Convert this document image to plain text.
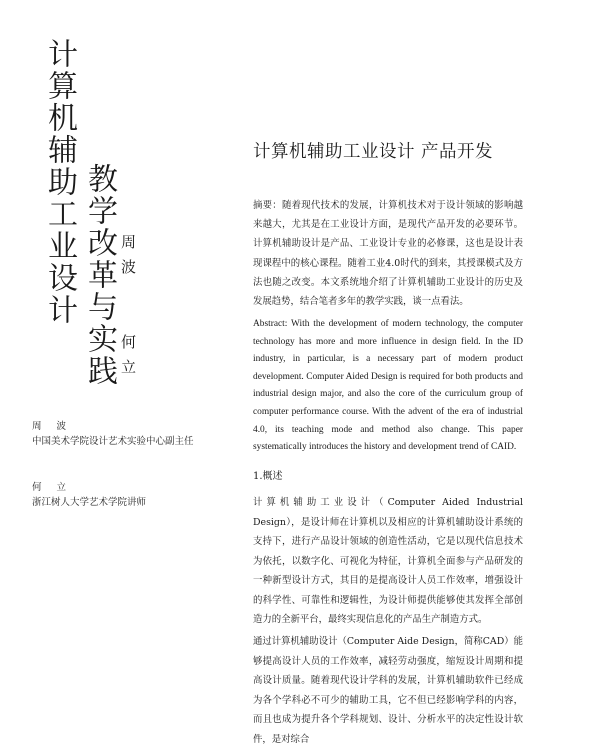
计算机辅助工业设计 教学改革与实践 周波
何立
周 波
中国美术学院设计艺术实验中心副主任
何 立
浙江树人大学艺术学院讲师
计算机辅助工业设计 产品开发

摘要：随着现代技术的发展，计算机技术对于设计领域的影响越来越大，尤其是在工业设计方面，是现代产品开发的必要环节。计算机辅助设计是产品、工业设计专业的必修课，这也是设计表现课程中的核心课程。随着工业4.0时代的到来，其授课模式及方法也随之改变。本文系统地介绍了计算机辅助工业设计的历史及发展趋势，结合笔者多年的教学实践，谈一点看法。

Abstract: With the development of modern technology, the computer technology has more and more influence in design field. In the ID industry, in particular, is a necessary part of modern product development. Computer Aided Design is required for both products and industrial design major, and also the core of the curriculum group of computer performance course. With the advent of the era of industrial 4.0, its teaching mode and method also change. This paper systematically introduces the history and development trend of CAID.

1.概述

计算机辅助工业设计（Computer Aided Industrial Design），是设计师在计算机以及相应的计算机辅助设计系统的支持下，进行产品设计领域的创造性活动，它是以现代信息技术为依托，以数字化、可视化为特征，计算机全面参与产品研发的一种新型设计方式，其目的是提高设计人员工作效率，增强设计的科学性、可靠性和逻辑性，为设计师提供能够使其发挥全部创造力的全新平台，最终实现信息化的产品生产制造方式。

通过计算机辅助设计（Computer Aide Design，简称CAD）能够提高设计人员的工作效率，减轻劳动强度，缩短设计周期和提高设计质量。随着现代设计学科的发展，计算机辅助软件已经成为各个学科必不可少的辅助工具，它不但已经影响学科的内容，而且也成为提升各个学科规划、设计、分析水平的决定性设计软件，是对综合
